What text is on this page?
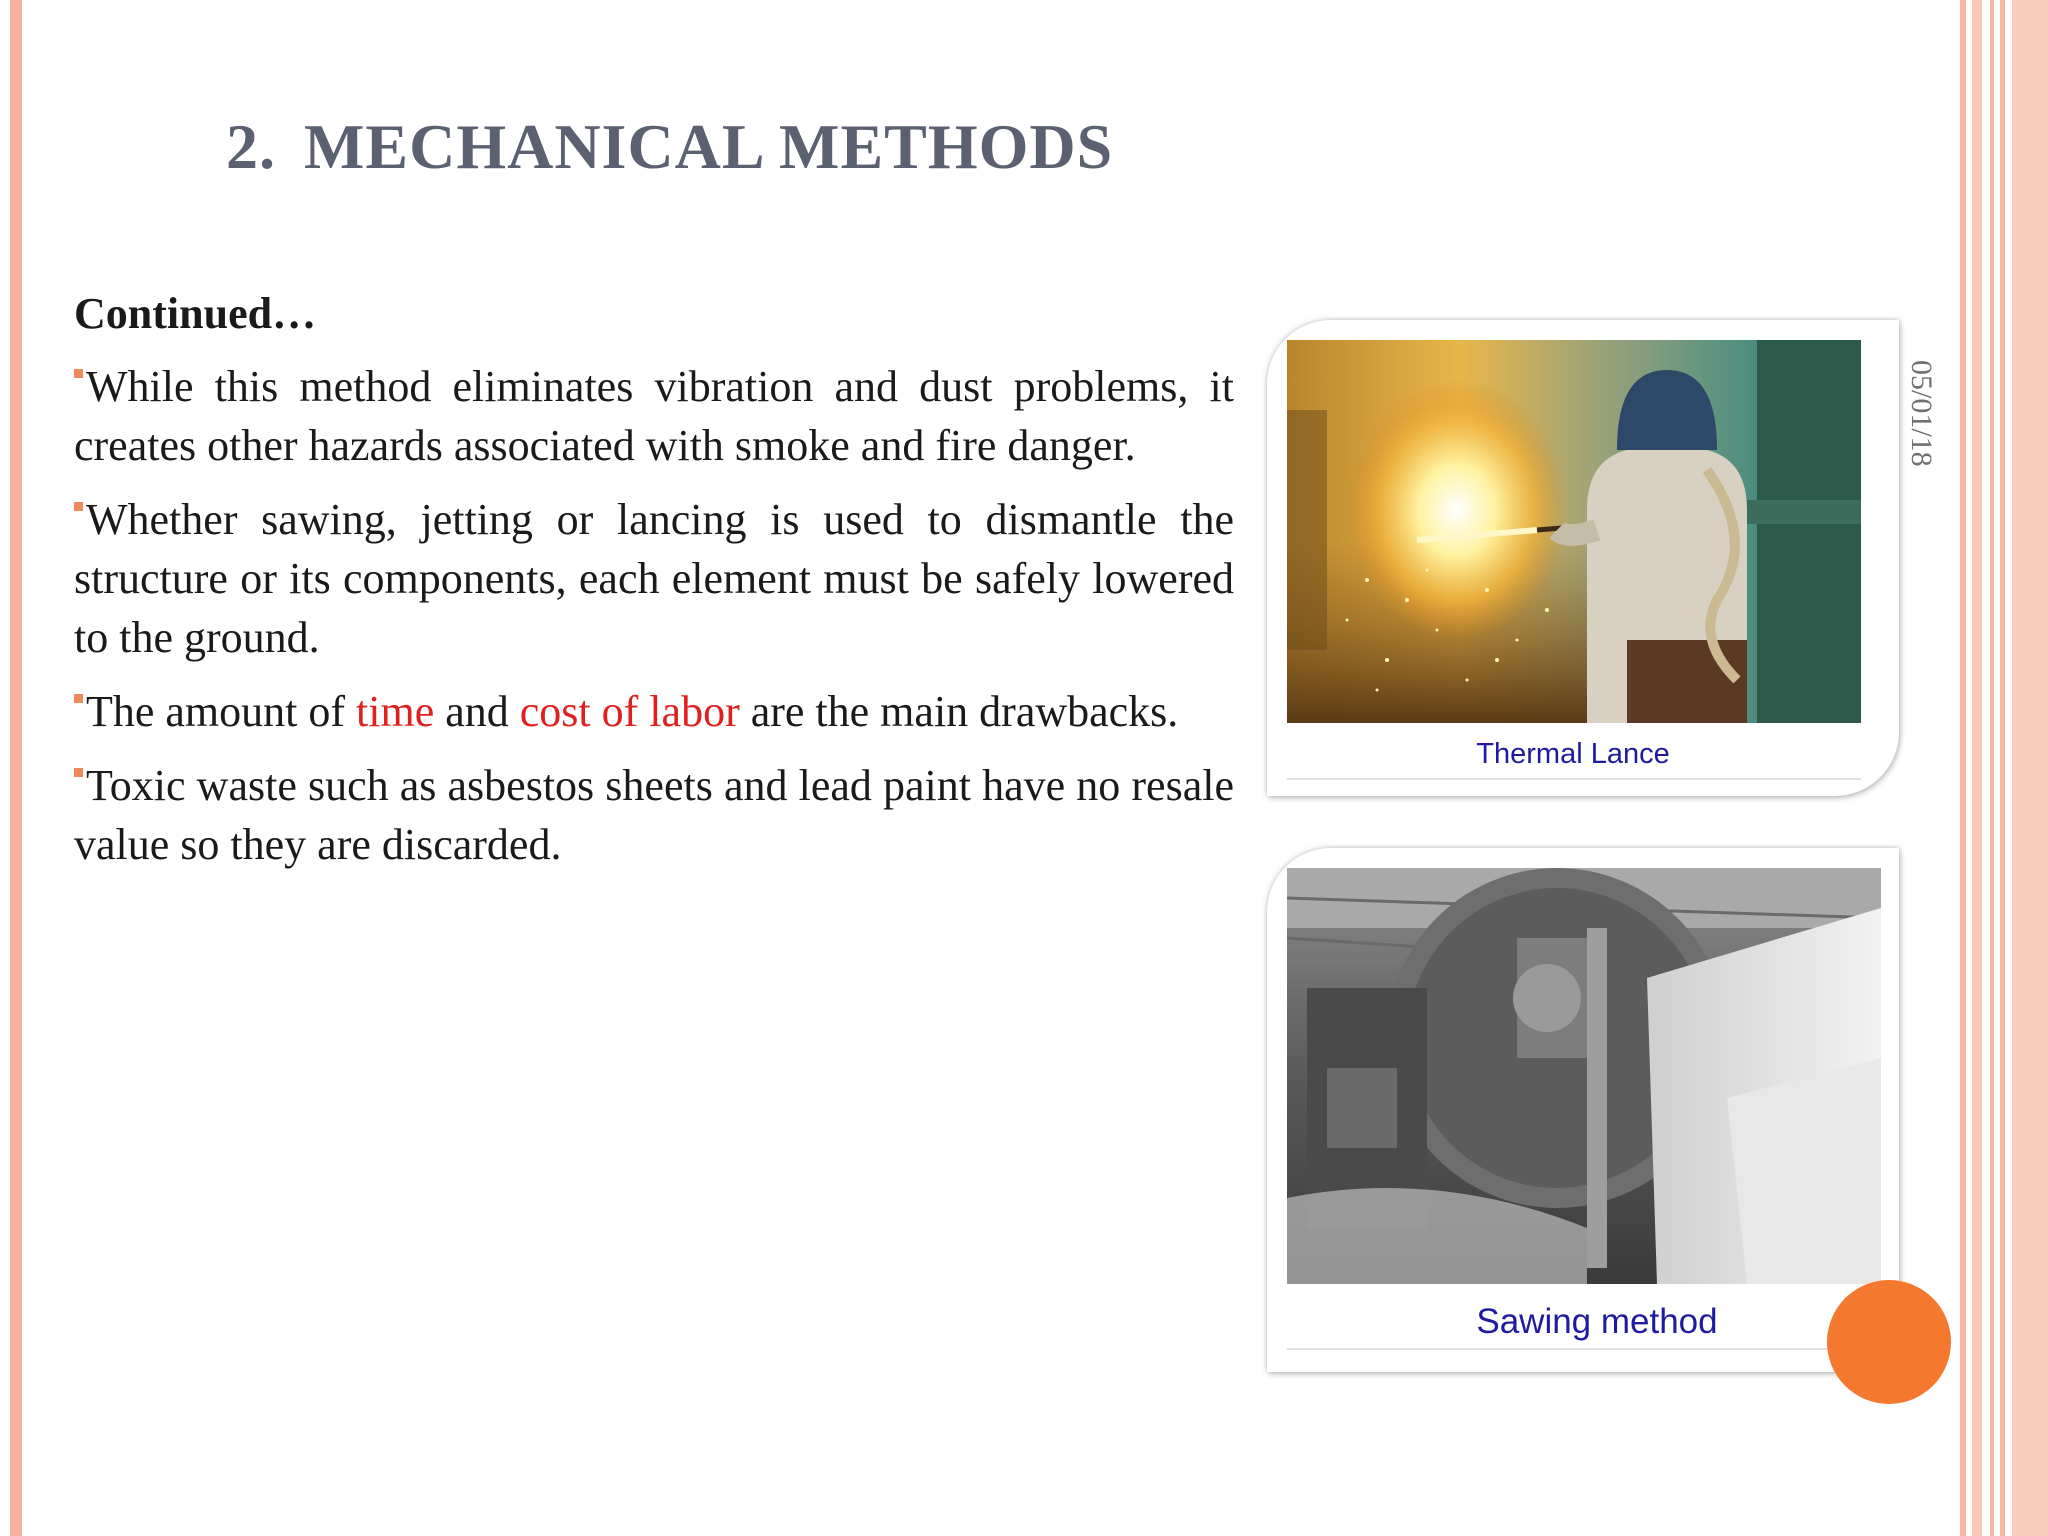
2. MECHANICAL METHODS
05/01/18
Continued…
While this method eliminates vibration and dust problems, it creates other hazards associated with smoke and fire danger.
Whether sawing, jetting or lancing is used to dismantle the structure or its components, each element must be safely lowered to the ground.
The amount of time and cost of labor are the main drawbacks.
Toxic waste such as asbestos sheets and lead paint have no resale value so they are discarded.
Thermal Lance
Sawing method
